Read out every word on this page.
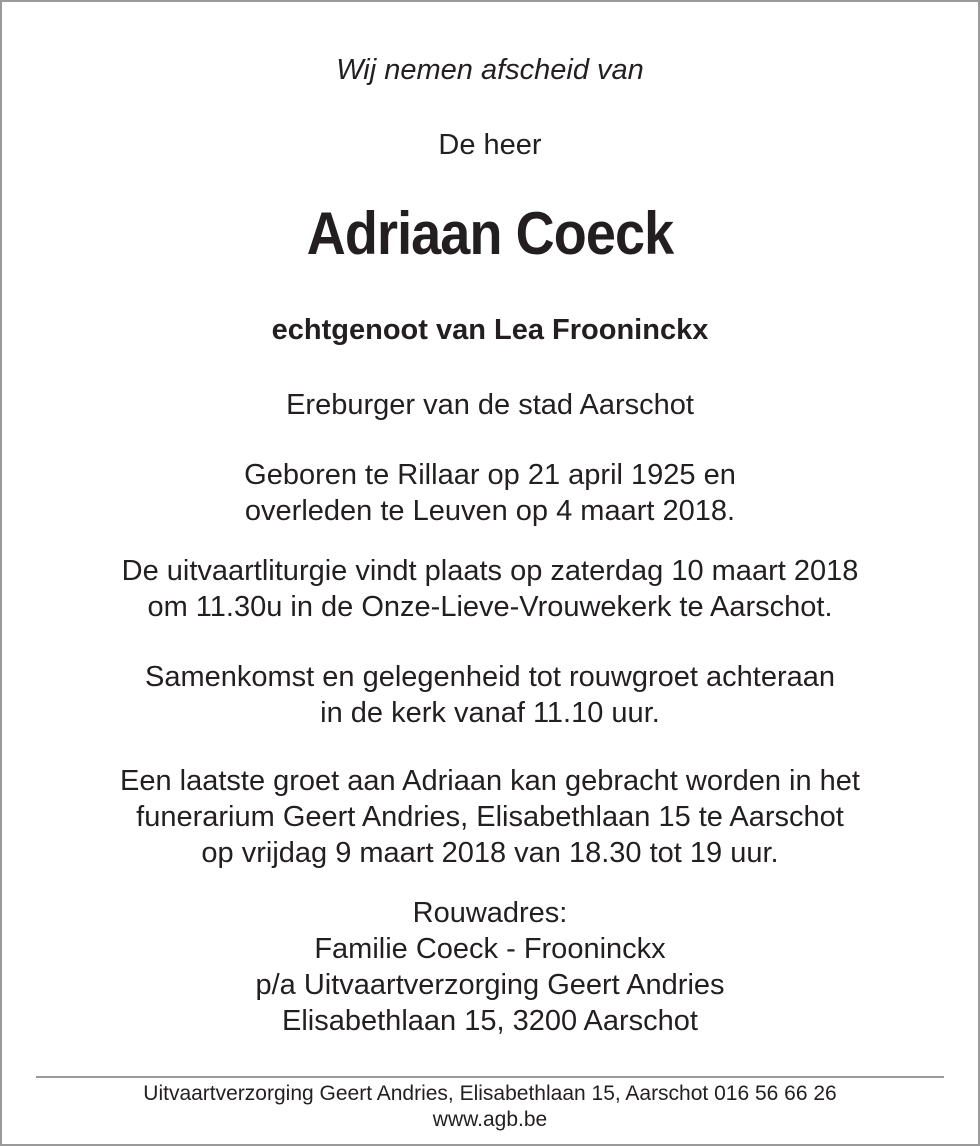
Wij nemen afscheid van
De heer
Adriaan Coeck
echtgenoot van Lea Frooninckx
Ereburger van de stad Aarschot
Geboren te Rillaar op 21 april 1925 en
overleden te Leuven op 4 maart 2018.
De uitvaartliturgie vindt plaats op zaterdag 10 maart 2018
om 11.30u in de Onze-Lieve-Vrouwekerk te Aarschot.
Samenkomst en gelegenheid tot rouwgroet achteraan
in de kerk vanaf 11.10 uur.
Een laatste groet aan Adriaan kan gebracht worden in het
funerarium Geert Andries, Elisabethlaan 15 te Aarschot
op vrijdag 9 maart 2018 van 18.30 tot 19 uur.
Rouwadres:
Familie Coeck - Frooninckx
p/a Uitvaartverzorging Geert Andries
Elisabethlaan 15, 3200 Aarschot
Uitvaartverzorging Geert Andries, Elisabethlaan 15, Aarschot 016 56 66 26
www.agb.be
